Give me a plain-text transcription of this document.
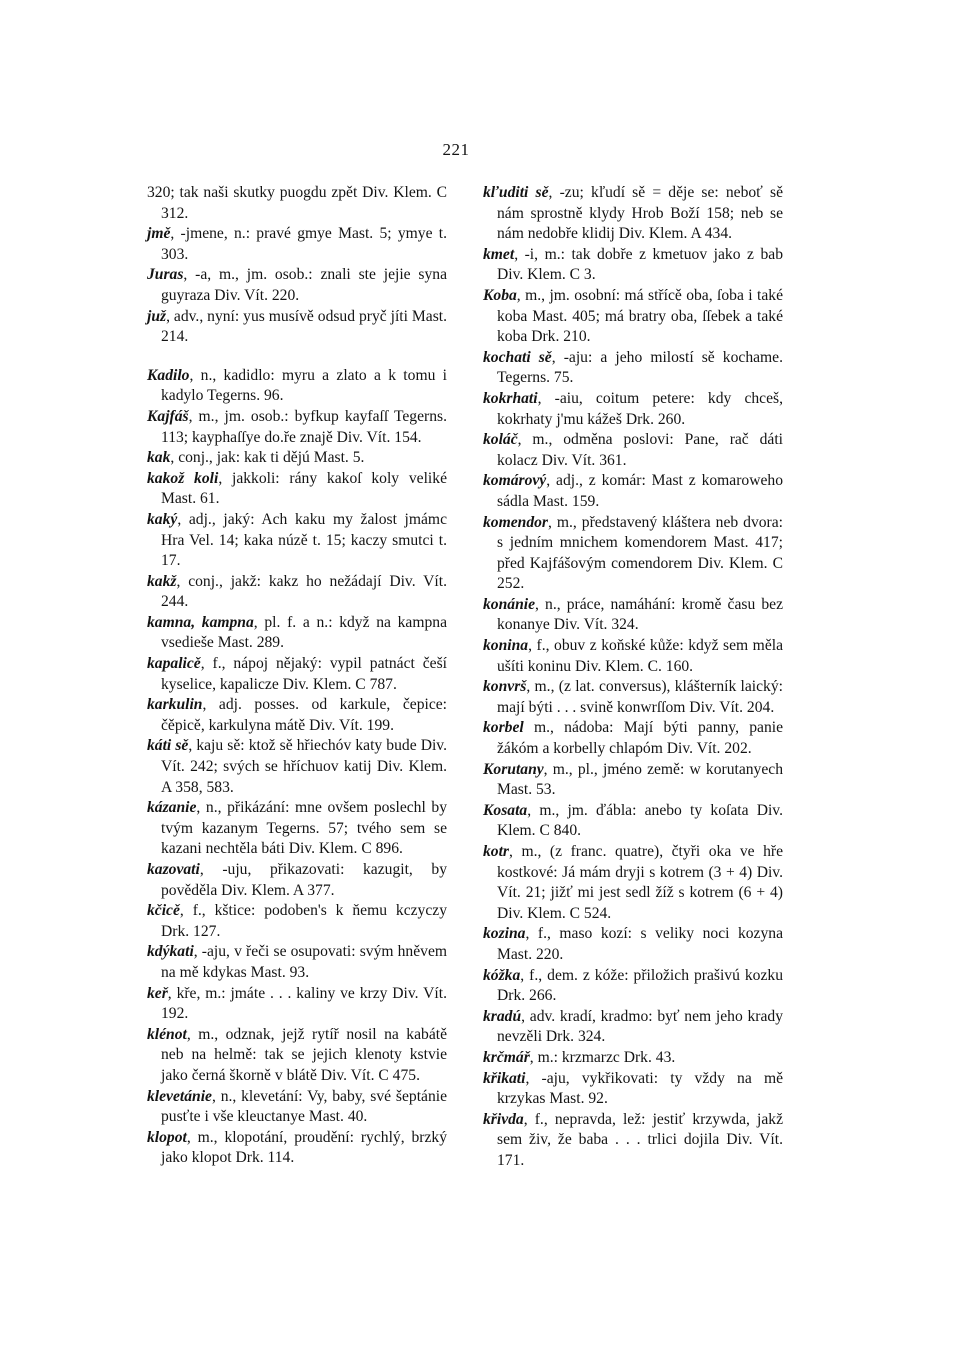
221

320; tak naši skutky puogdu zpět Div. Klem. C 312.

jmě, -jmene, n.: pravé gmye Mast. 5; ymye t. 303.

Juras, -a, m., jm. osob.: znali ste jejie syna guyraza Div. Vít. 220.

juž, adv., nyní: yus musívě odsud pryč jíti Mast. 214.

Kadilo, n., kadidlo: myru a zlato a k tomu i kadylo Tegerns. 96.

Kajfáš, m., jm. osob.: byfkup kayfaſſ Tegerns. 113; kayphaſſye do.ře znajě Div. Vít. 154.

kak, conj., jak: kak ti dějú Mast. 5.

kakož koli, jakkoli: rány kakoſ koly veliké Mast. 61.

kaký, adj., jaký: Ach kaku my žalost jmámc Hra Vel. 14; kaka núzě t. 15; kaczy smutci t. 17.

kakž, conj., jakž: kakz ho nežádají Div. Vít. 244.

kamna, kampna, pl. f. a n.: když na kampna vsedieše Mast. 289.

kapalicě, f., nápoj nějaký: vypil patnáct češí kyselice, kapalicze Div. Klem. C 787.

karkulin, adj. posses. od karkule, čepice: čěpicě, karkulyna mátě Div. Vít. 199.

káti sě, kaju sě: ktož sě hřiechóv katy bude Div. Vít. 242; svých se hříchuov katij Div. Klem. A 358, 583.

kázanie, n., přikázání: mne ovšem poslechl by tvým kazanym Tegerns. 57; tvého sem se kazani nechtěla báti Div. Klem. C 896.

kazovati, -uju, přikazovati: kazugit, by pověděla Div. Klem. A 377.

kčicě, f., kštice: podoben's k ňemu kczyczy Drk. 127.

kdýkati, -aju, v řeči se osupovati: svým hněvem na mě kdykas Mast. 93.

keř, kře, m.: jmáte . . . kaliny ve krzy Div. Vít. 192.

klénot, m., odznak, jejž rytíř nosil na kabátě neb na helmě: tak se jejich klenoty kstvie jako černá škorně v blátě Div. Vít. C 475.

klevetánie, n., klevetání: Vy, baby, své šeptánie pusťte i vše kleuctanye Mast. 40.

klopot, m., klopotání, proudění: rychlý, brzký jako klopot Drk. 114.

kľuditi sě, -zu; kľudí sě = děje se: neboť sě nám sprostně klydy Hrob Boží 158; neb se nám nedobře klidij Div. Klem. A 434.

kmet, -i, m.: tak dobře z kmetuov jako z bab Div. Klem. C 3.

Koba, m., jm. osobní: má střícě oba, ſoba i také koba Mast. 405; má bratry oba, ſſebek a také koba Drk. 210.

kochati sě, -aju: a jeho milostí sě kochame. Tegerns. 75.

kokrhati, -aiu, coitum petere: kdy chceš, kokrhaty j'mu kážeš Drk. 260.

koláč, m., odměna poslovi: Pane, rač dáti kolacz Div. Vít. 361.

komárový, adj., z komár: Mast z komaroweho sádla Mast. 159.

komendor, m., představený kláštera neb dvora: s jedním mnichem komendorem Mast. 417; před Kajfášovým comendorem Div. Klem. C 252.

konánie, n., práce, namáhání: kromě času bez konanye Div. Vít. 324.

konina, f., obuv z koňské kůže: když sem měla ušíti koninu Div. Klem. C. 160.

konvrš, m., (z lat. conversus), klášterník laický: mají býti . . . svině konwrſſom Div. Vít. 204.

korbel m., nádoba: Mají býti panny, panie žákóm a korbelly chlapóm Div. Vít. 202.

Korutany, m., pl., jméno země: w korutanyech Mast. 53.

Kosata, m., jm. ďábla: anebo ty koſata Div. Klem. C 840.

kotr, m., (z franc. quatre), čtyři oka ve hře kostkové: Já mám dryji s kotrem (3 + 4) Div. Vít. 21; jižť mi jest sedl žíž s kotrem (6 + 4) Div. Klem. C 524.

kozina, f., maso kozí: s veliky noci kozyna Mast. 220.

kóžka, f., dem. z kóže: přiložich prašivú kozku Drk. 266.

kradú, adv. kradí, kradmo: byť nem jeho krady nevzěli Drk. 324.

krčmář, m.: krzmarzc Drk. 43.

křikati, -aju, vykřikovati: ty vždy na mě krzykas Mast. 92.

křivda, f., nepravda, lež: jestiť krzywda, jakž sem živ, že baba . . . trlici dojila Div. Vít. 171.
